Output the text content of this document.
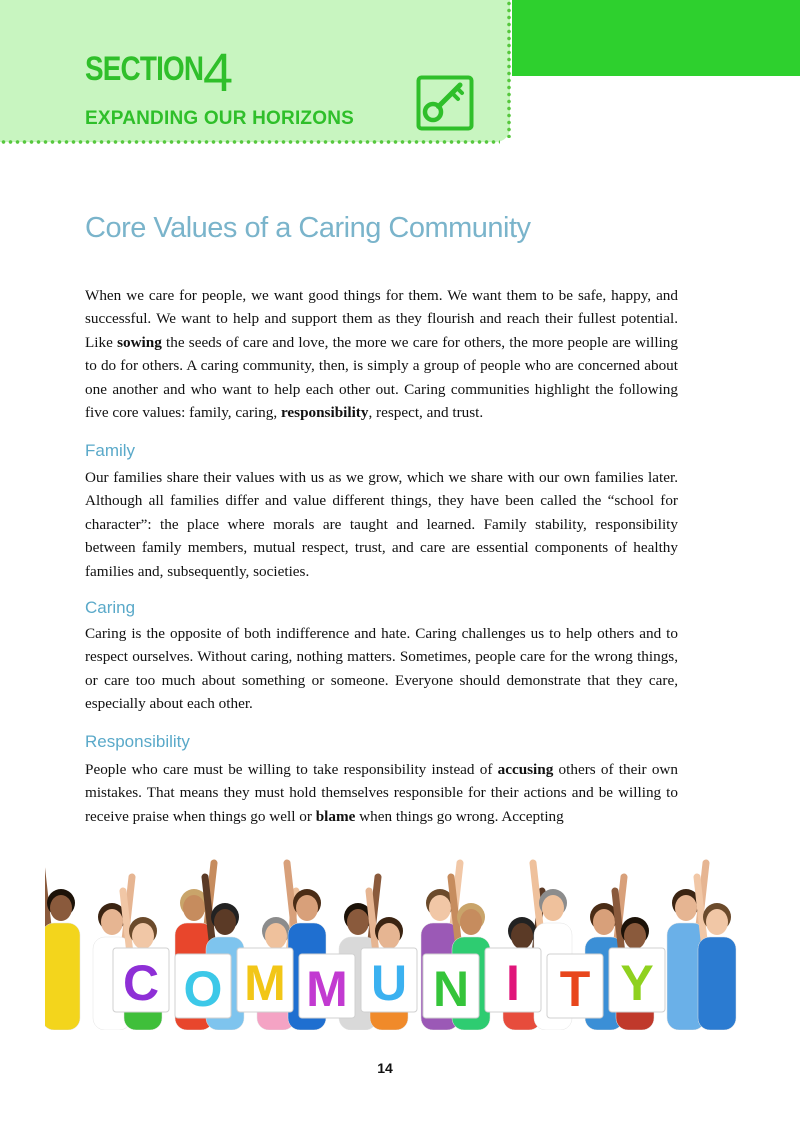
SECTION 4
EXPANDING OUR HORIZONS
Core Values of a Caring Community

When we care for people, we want good things for them. We want them to be safe, happy, and successful. We want to help and support them as they flourish and reach their fullest potential. Like sowing the seeds of care and love, the more we care for others, the more people are willing to do for others. A caring community, then, is simply a group of people who are concerned about one another and who want to help each other out. Caring communities highlight the following five core values: family, caring, responsibility, respect, and trust.

Family

Our families share their values with us as we grow, which we share with our own families later. Although all families differ and value different things, they have been called the “school for character”: the place where morals are taught and learned. Family stability, responsibility between family members, mutual respect, trust, and care are essential components of healthy families and, subsequently, societies.

Caring

Caring is the opposite of both indifference and hate. Caring challenges us to help others and to respect ourselves. Without caring, nothing matters. Sometimes, people care for the wrong things, or care too much about something or someone. Everyone should demonstrate that they care, especially about each other.

Responsibility

People who care must be willing to take responsibility instead of accusing others of their own mistakes. That means they must hold themselves responsible for their actions and be willing to receive praise when things go well or blame when things go wrong. Accepting

C O M M U N I T Y
14
